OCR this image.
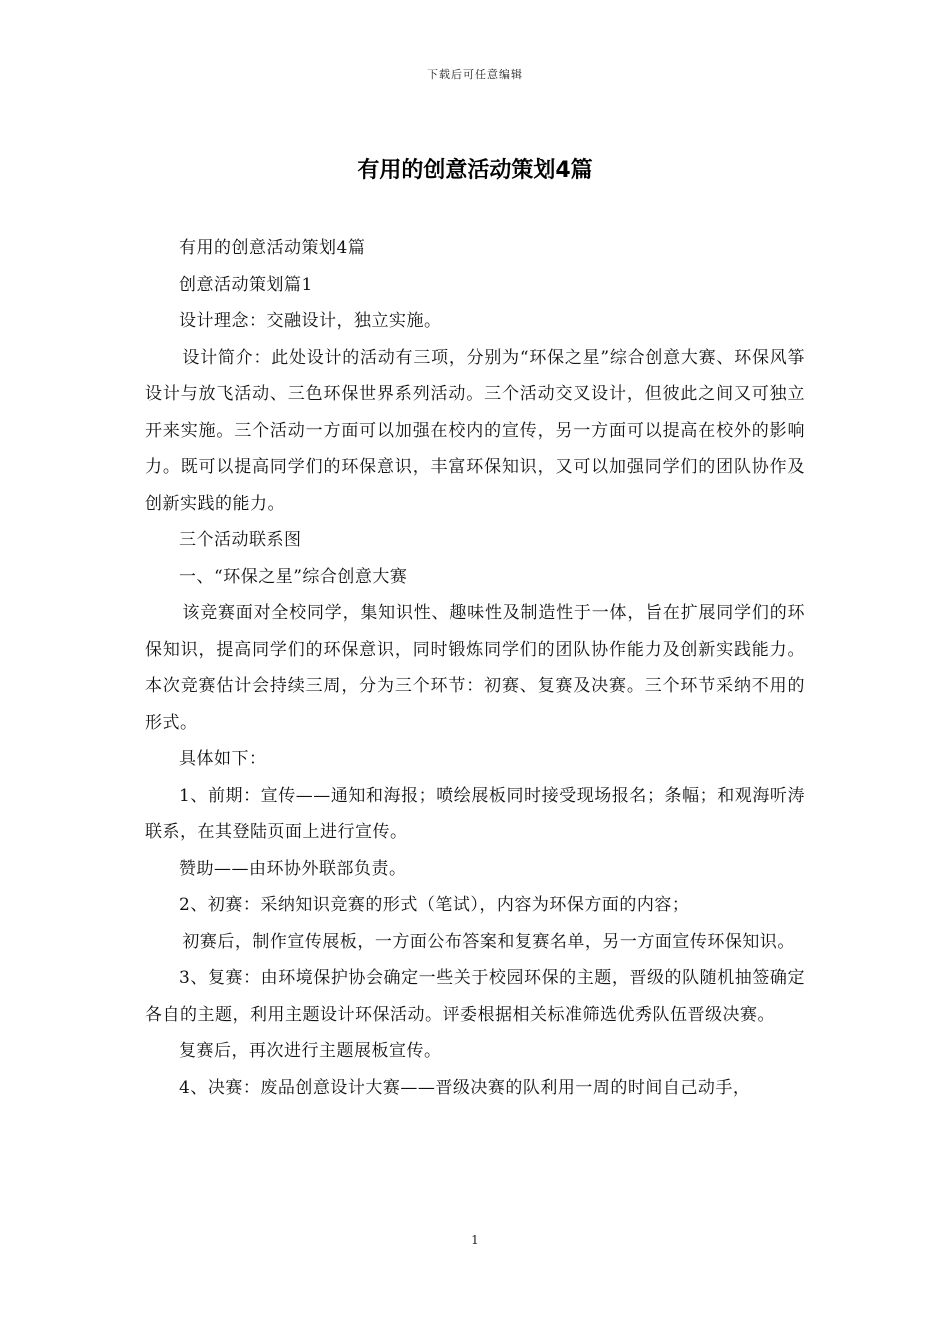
下载后可任意编辑
有用的创意活动策划4篇

有用的创意活动策划4篇

创意活动策划篇1

设计理念：交融设计，独立实施。

设计简介：此处设计的活动有三项，分别为“环保之星”综合创意大赛、环保风筝设计与放飞活动、三色环保世界系列活动。三个活动交叉设计，但彼此之间又可独立开来实施。三个活动一方面可以加强在校内的宣传，另一方面可以提高在校外的影响力。既可以提高同学们的环保意识，丰富环保知识，又可以加强同学们的团队协作及创新实践的能力。

三个活动联系图

一、“环保之星”综合创意大赛

该竞赛面对全校同学，集知识性、趣味性及制造性于一体，旨在扩展同学们的环保知识，提高同学们的环保意识，同时锻炼同学们的团队协作能力及创新实践能力。本次竞赛估计会持续三周，分为三个环节：初赛、复赛及决赛。三个环节采纳不用的形式。

具体如下：

1、前期：宣传——通知和海报；喷绘展板同时接受现场报名；条幅；和观海听涛联系，在其登陆页面上进行宣传。

赞助——由环协外联部负责。

2、初赛：采纳知识竞赛的形式（笔试），内容为环保方面的内容；

初赛后，制作宣传展板，一方面公布答案和复赛名单，另一方面宣传环保知识。

3、复赛：由环境保护协会确定一些关于校园环保的主题，晋级的队随机抽签确定各自的主题，利用主题设计环保活动。评委根据相关标准筛选优秀队伍晋级决赛。

复赛后，再次进行主题展板宣传。

4、决赛：废品创意设计大赛——晋级决赛的队利用一周的时间自己动手，

1
